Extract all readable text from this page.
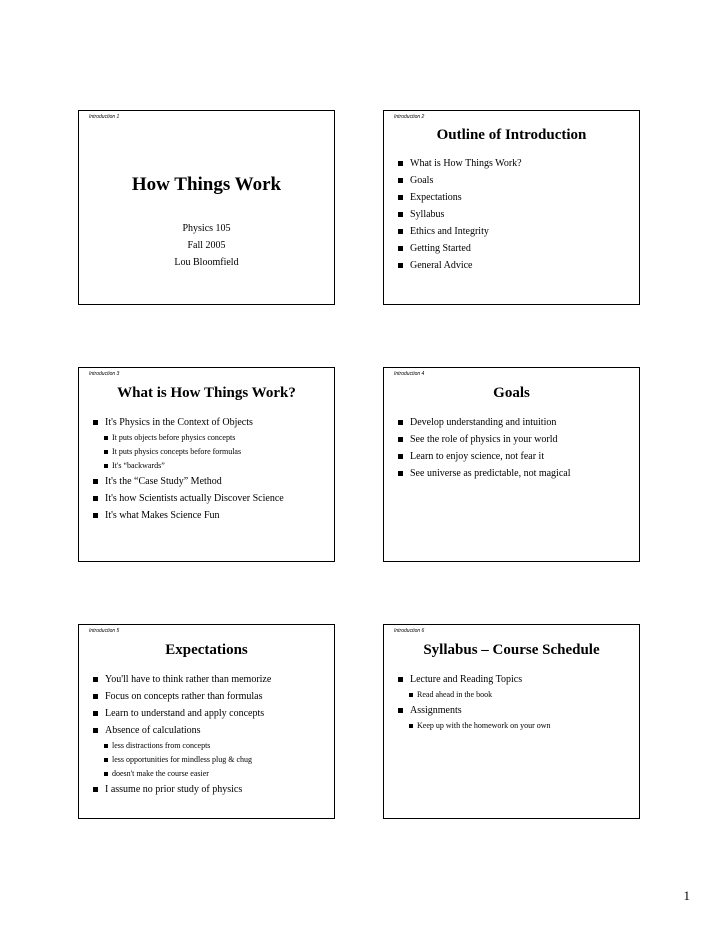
Introduction 1
How Things Work
Physics 105
Fall 2005
Lou Bloomfield
Introduction 2
Outline of Introduction
What is How Things Work?
Goals
Expectations
Syllabus
Ethics and Integrity
Getting Started
General Advice
Introduction 3
What is How Things Work?
It's Physics in the Context of Objects
It puts objects before physics concepts
It puts physics concepts before formulas
It's “backwards”
It's the “Case Study” Method
It's how Scientists actually Discover Science
It's what Makes Science Fun
Introduction 4
Goals
Develop understanding and intuition
See the role of physics in your world
Learn to enjoy science, not fear it
See universe as predictable, not magical
Introduction 5
Expectations
You'll have to think rather than memorize
Focus on concepts rather than formulas
Learn to understand and apply concepts
Absence of calculations
less distractions from concepts
less opportunities for mindless plug & chug
doesn't make the course easier
I assume no prior study of physics
Introduction 6
Syllabus – Course Schedule
Lecture and Reading Topics
Read ahead in the book
Assignments
Keep up with the homework on your own
1
